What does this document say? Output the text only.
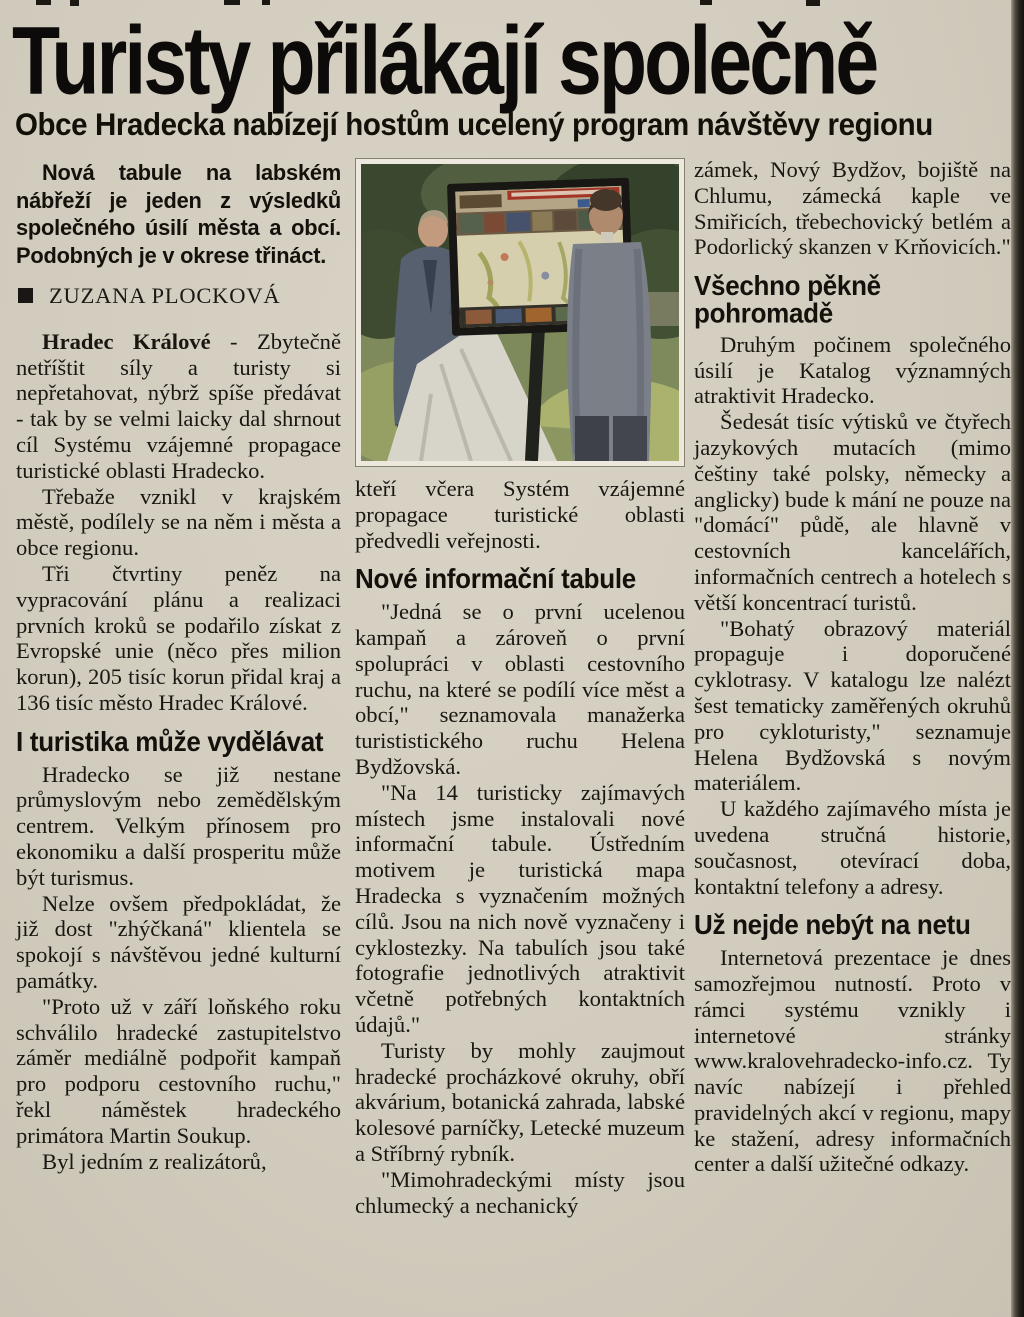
Turisty přilákají společně
Obce Hradecka nabízejí hostům ucelený program návštěvy regionu

Nová tabule na labském nábřeží je jeden z výsledků společného úsilí města a obcí. Podobných je v okrese třináct.

ZUZANA PLOCKOVÁ

Hradec Králové - Zbytečně netříštit síly a turisty si nepřetahovat, nýbrž spíše předávat - tak by se velmi laicky dal shrnout cíl Systému vzájemné propagace turistické oblasti Hradecko.

Třebaže vznikl v krajském městě, podílely se na něm i města a obce regionu.

Tři čtvrtiny peněz na vypracování plánu a realizaci prvních kroků se podařilo získat z Evropské unie (něco přes milion korun), 205 tisíc korun přidal kraj a 136 tisíc město Hradec Králové.

I turistika může vydělávat

Hradecko se již nestane průmyslovým nebo zemědělským centrem. Velkým přínosem pro ekonomiku a další prosperitu může být turismus.

Nelze ovšem předpokládat, že již dost "zhýčkaná" klientela se spokojí s návštěvou jedné kulturní památky.

"Proto už v září loňského roku schválilo hradecké zastupitelstvo záměr mediálně podpořit kampaň pro podporu cestovního ruchu," řekl náměstek hradeckého primátora Martin Soukup.

Byl jedním z realizátorů,

kteří včera Systém vzájemné propagace turistické oblasti předvedli veřejnosti.

Nové informační tabule

"Jedná se o první ucelenou kampaň a zároveň o první spolupráci v oblasti cestovního ruchu, na které se podílí více měst a obcí," seznamovala manažerka turististického ruchu Helena Bydžovská.

"Na 14 turisticky zajímavých místech jsme instalovali nové informační tabule. Ústředním motivem je turistická mapa Hradecka s vyznačením možných cílů. Jsou na nich nově vyznačeny i cyklostezky. Na tabulích jsou také fotografie jednotlivých atraktivit včetně potřebných kontaktních údajů."

Turisty by mohly zaujmout hradecké procházkové okruhy, obří akvárium, botanická zahrada, labské kolesové parníčky, Letecké muzeum a Stříbrný rybník.

"Mimohradeckými místy jsou chlumecký a nechanický

zámek, Nový Bydžov, bojiště na Chlumu, zámecká kaple ve Smiřicích, třebechovický betlém a Podorlický skanzen v Krňovicích."

Všechno pěkně pohromadě

Druhým počinem společného úsilí je Katalog významných atraktivit Hradecko.

Šedesát tisíc výtisků ve čtyřech jazykových mutacích (mimo češtiny také polsky, německy a anglicky) bude k mání ne pouze na "domácí" půdě, ale hlavně v cestovních kancelářích, informačních centrech a hotelech s větší koncentrací turistů.

"Bohatý obrazový materiál propaguje i doporučené cyklotrasy. V katalogu lze nalézt šest tematicky zaměřených okruhů pro cykloturisty," seznamuje Helena Bydžovská s novým materiálem.

U každého zajímavého místa je uvedena stručná historie, současnost, otevírací doba, kontaktní telefony a adresy.

Už nejde nebýt na netu

Internetová prezentace je dnes samozřejmou nutností. Proto v rámci systému vznikly i internetové stránky www.kralovehradecko-info.cz. Ty navíc nabízejí i přehled pravidelných akcí v regionu, mapy ke stažení, adresy informačních center a další užitečné odkazy.
